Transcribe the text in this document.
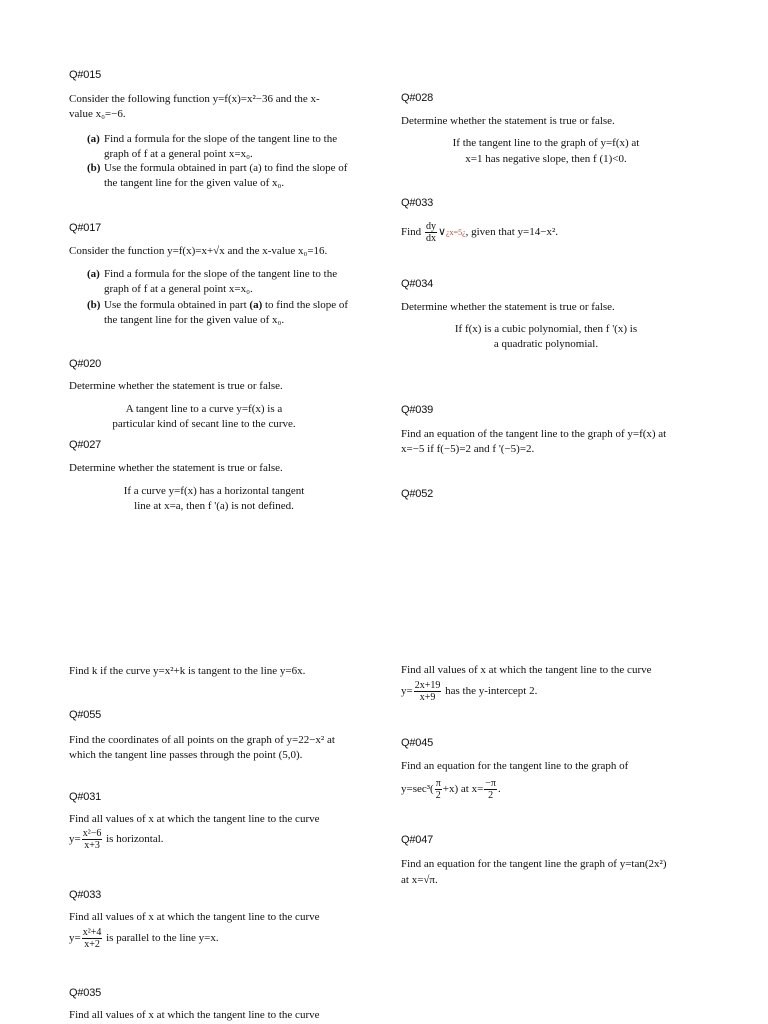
Q#015
Consider the following function y=f(x)=x²−36 and the x-
value x₀=−6.
(a) Find a formula for the slope of the tangent line to the
graph of f at a general point x=x₀.
(b) Use the formula obtained in part (a) to find the slope of
the tangent line for the given value of x₀.
Q#017
Consider the function y=f(x)=x+√x and the x-value x₀=16.
(a) Find a formula for the slope of the tangent line to the
graph of f at a general point x=x₀.
(b) Use the formula obtained in part (a) to find the slope of
the tangent line for the given value of x₀.
Q#020
Determine whether the statement is true or false.
A tangent line to a curve y=f(x) is a
particular kind of secant line to the curve.
Q#027
Determine whether the statement is true or false.
If a curve y=f(x) has a horizontal tangent
line at x=a, then f '(a) is not defined.
Find k if the curve y=x²+k is tangent to the line y=6x.
Q#055
Find the coordinates of all points on the graph of y=22−x² at
which the tangent line passes through the point (5,0).
Q#031
Find all values of x at which the tangent line to the curve
$y= \frac{\text{x²−6}}{x+3}$ is horizontal.
Q#033
Find all values of x at which the tangent line to the curve
$y= \frac{\text{x²+4}}{x+2}$ is parallel to the line y=x.
Q#035
Find all values of x at which the tangent line to the curve
Q#028
Determine whether the statement is true or false.
If the tangent line to the graph of y=f(x) at
x=1 has negative slope, then f (1)<0.
Q#033
Find $\frac{dy}{dx}$ ∨¿x=5¿, given that y=14−x².
Q#034
Determine whether the statement is true or false.
If f(x) is a cubic polynomial, then f '(x) is
a quadratic polynomial.
Q#039
Find an equation of the tangent line to the graph of y=f(x) at
x=−5 if f(−5)=2 and f '(−5)=2.
Q#052
Find all values of x at which the tangent line to the curve
$y= \frac{2x+19}{x+9}$ has the y-intercept 2.
Q#045
Find an equation for the tangent line to the graph of
$y=\sec^3( \frac{\pi}{2} +x)$ at $x= \frac{-\pi}{2}$ .
Q#047
Find an equation for the tangent line the graph of y=tan(2x²)
at x=√π.
